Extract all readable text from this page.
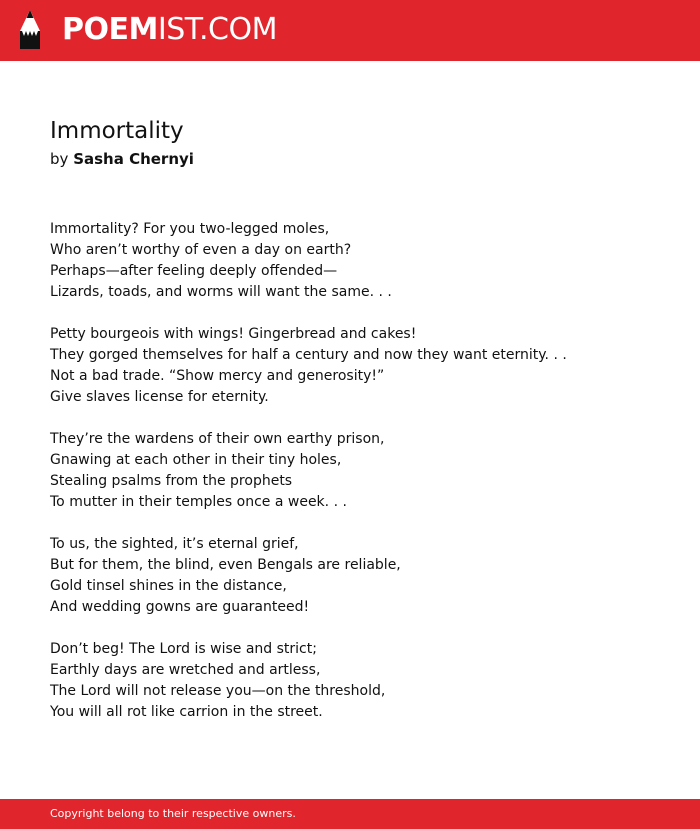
POEMIST.COM
Immortality
by Sasha Chernyi
Immortality? For you two-legged moles,
Who aren’t worthy of even a day on earth?
Perhaps—after feeling deeply offended—
Lizards, toads, and worms will want the same. . .
Petty bourgeois with wings! Gingerbread and cakes!
They gorged themselves for half a century and now they want eternity. . .
Not a bad trade. “Show mercy and generosity!”
Give slaves license for eternity.
They’re the wardens of their own earthy prison,
Gnawing at each other in their tiny holes,
Stealing psalms from the prophets
To mutter in their temples once a week. . .
To us, the sighted, it’s eternal grief,
But for them, the blind, even Bengals are reliable,
Gold tinsel shines in the distance,
And wedding gowns are guaranteed!
Don’t beg! The Lord is wise and strict;
Earthly days are wretched and artless,
The Lord will not release you—on the threshold,
You will all rot like carrion in the street.
Copyright belong to their respective owners.
